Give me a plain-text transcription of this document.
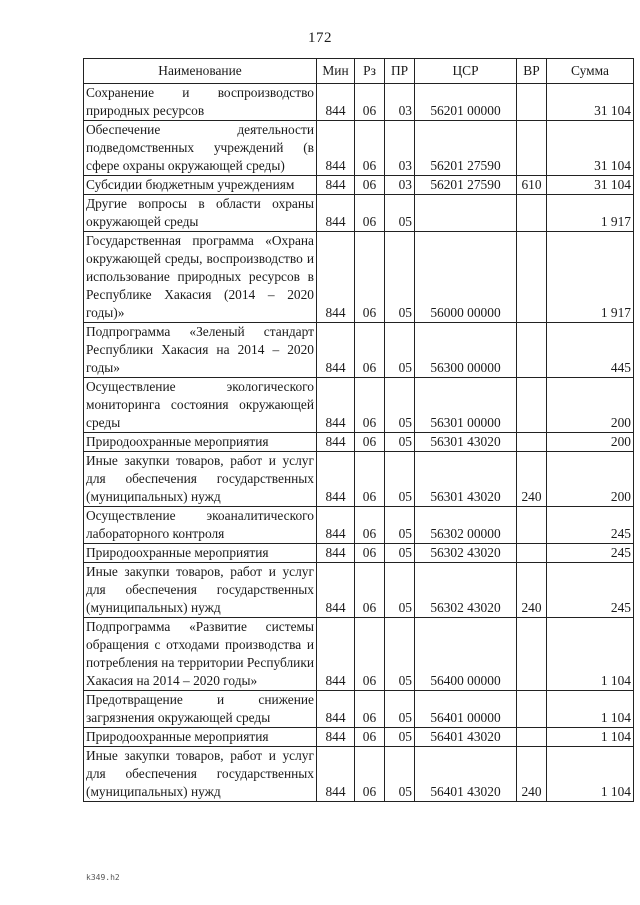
172
Наименование	Мин	Рз	ПР	ЦСР	ВР	Сумма
Сохранение и воспроизводство природных ресурсов	844	06	03	56201 00000		31 104
Обеспечение деятельности подведомственных учреждений (в сфере охраны окружающей среды)	844	06	03	56201 27590		31 104
Субсидии бюджетным учреждениям	844	06	03	56201 27590	610	31 104
Другие вопросы в области охраны окружающей среды	844	06	05			1 917
Государственная программа «Охрана окружающей среды, воспроизводство и использование природных ресурсов в Республике Хакасия (2014 – 2020 годы)»	844	06	05	56000 00000		1 917
Подпрограмма «Зеленый стандарт Республики Хакасия на 2014 – 2020 годы»	844	06	05	56300 00000		445
Осуществление экологического мониторинга состояния окружающей среды	844	06	05	56301 00000		200
Природоохранные мероприятия	844	06	05	56301 43020		200
Иные закупки товаров, работ и услуг для обеспечения государственных (муниципальных) нужд	844	06	05	56301 43020	240	200
Осуществление экоаналитического лабораторного контроля	844	06	05	56302 00000		245
Природоохранные мероприятия	844	06	05	56302 43020		245
Иные закупки товаров, работ и услуг для обеспечения государственных (муниципальных) нужд	844	06	05	56302 43020	240	245
Подпрограмма «Развитие системы обращения с отходами производства и потребления на территории Республики Хакасия на 2014 – 2020 годы»	844	06	05	56400 00000		1 104
Предотвращение и снижение загрязнения окружающей среды	844	06	05	56401 00000		1 104
Природоохранные мероприятия	844	06	05	56401 43020		1 104
Иные закупки товаров, работ и услуг для обеспечения государственных (муниципальных) нужд	844	06	05	56401 43020	240	1 104
k349.h2
